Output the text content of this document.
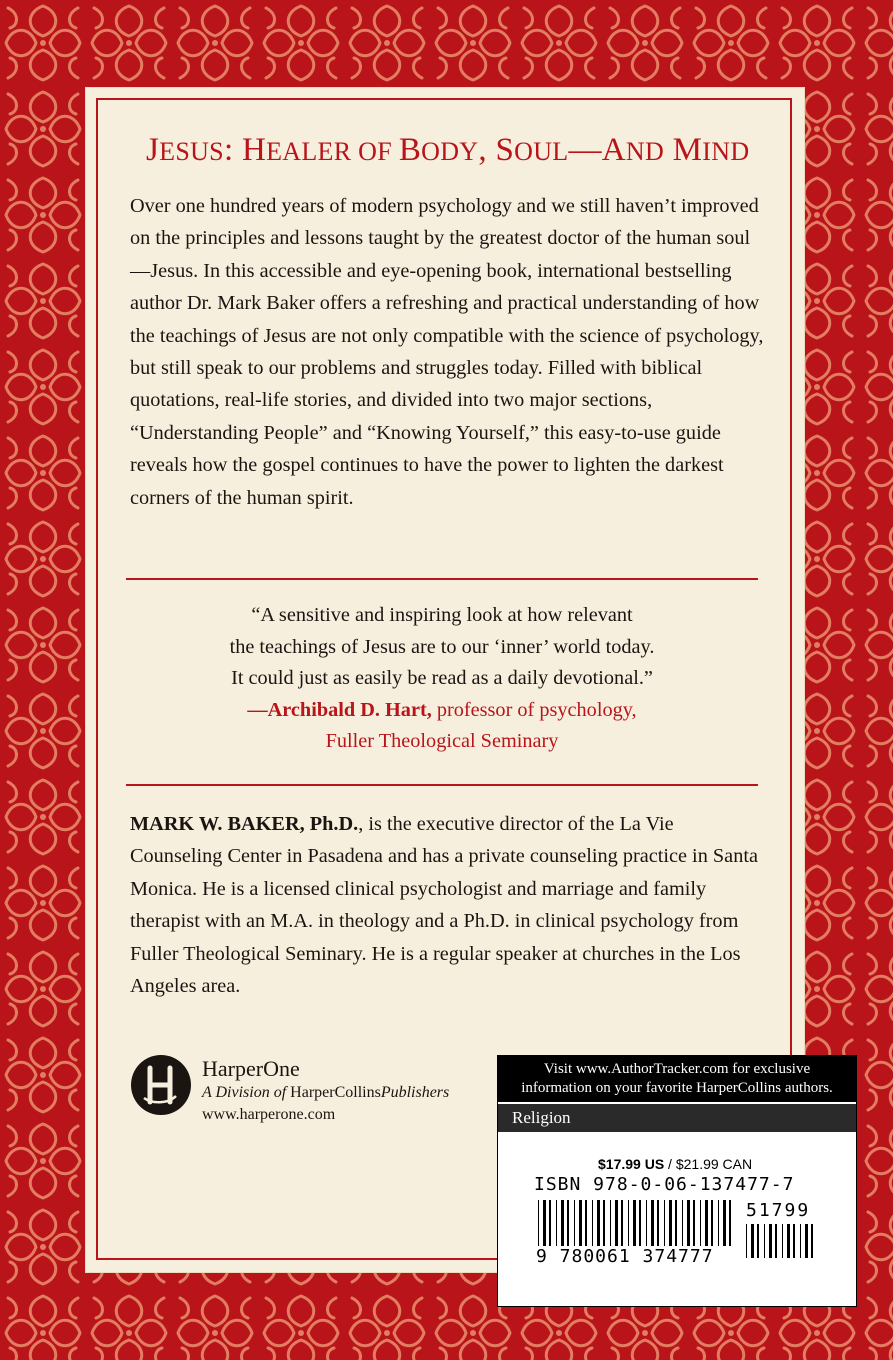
JESUS: HEALER OF BODY, SOUL—AND MIND

Over one hundred years of modern psychology and we still haven’t improved on the principles and lessons taught by the greatest doctor of the human soul—Jesus. In this accessible and eye-opening book, international bestselling author Dr. Mark Baker offers a refreshing and practical understanding of how the teachings of Jesus are not only compatible with the science of psychology, but still speak to our problems and struggles today. Filled with biblical quotations, real-life stories, and divided into two major sections, “Understanding People” and “Knowing Yourself,” this easy-to-use guide reveals how the gospel continues to have the power to lighten the darkest corners of the human spirit.

“A sensitive and inspiring look at how relevant
the teachings of Jesus are to our ‘inner’ world today.
It could just as easily be read as a daily devotional.”
—Archibald D. Hart, professor of psychology,
Fuller Theological Seminary

MARK W. BAKER, Ph.D., is the executive director of the La Vie Counseling Center in Pasadena and has a private counseling practice in Santa Monica. He is a licensed clinical psychologist and marriage and family therapist with an M.A. in theology and a Ph.D. in clinical psychology from Fuller Theological Seminary. He is a regular speaker at churches in the Los Angeles area.

HarperOne
A Division of HarperCollinsPublishers
www.harperone.com
Visit www.AuthorTracker.com for exclusive
information on your favorite HarperCollins authors.
Religion
$17.99 US / $21.99 CAN
ISBN 978-0-06-137477-7
51799
9 780061 374777
